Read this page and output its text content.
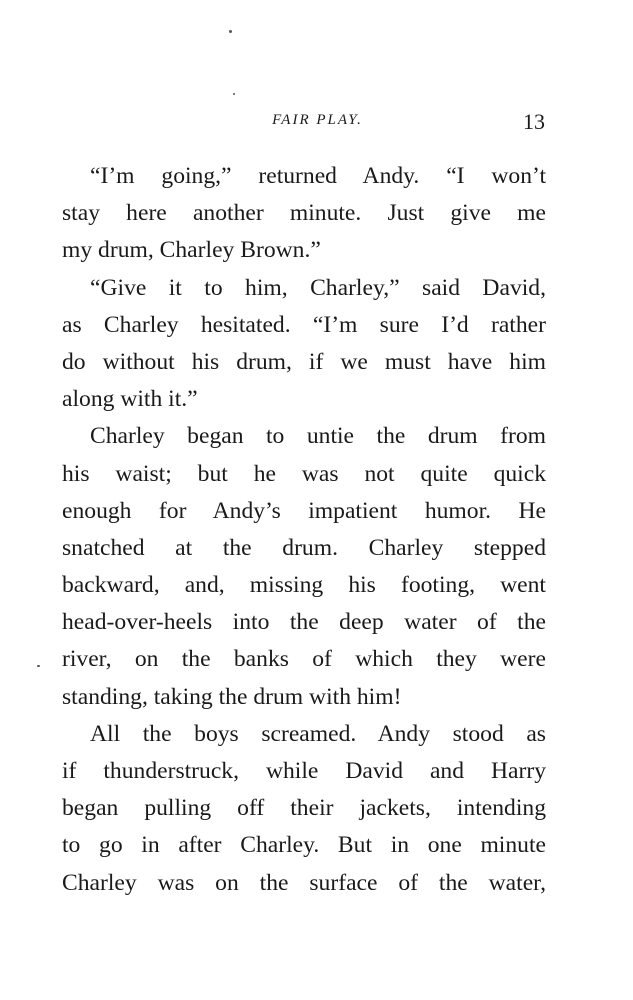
FAIR PLAY.	13
“I’m going,” returned Andy. “I won’t
stay here another minute. Just give me
my drum, Charley Brown.”
“Give it to him, Charley,” said David,
as Charley hesitated. “I’m sure I’d rather
do without his drum, if we must have him
along with it.”
Charley began to untie the drum from
his waist; but he was not quite quick
enough for Andy’s impatient humor. He
snatched at the drum. Charley stepped
backward, and, missing his footing, went
head-over-heels into the deep water of the
river, on the banks of which they were
standing, taking the drum with him!
All the boys screamed. Andy stood as
if thunderstruck, while David and Harry
began pulling off their jackets, intending
to go in after Charley. But in one minute
Charley was on the surface of the water,
